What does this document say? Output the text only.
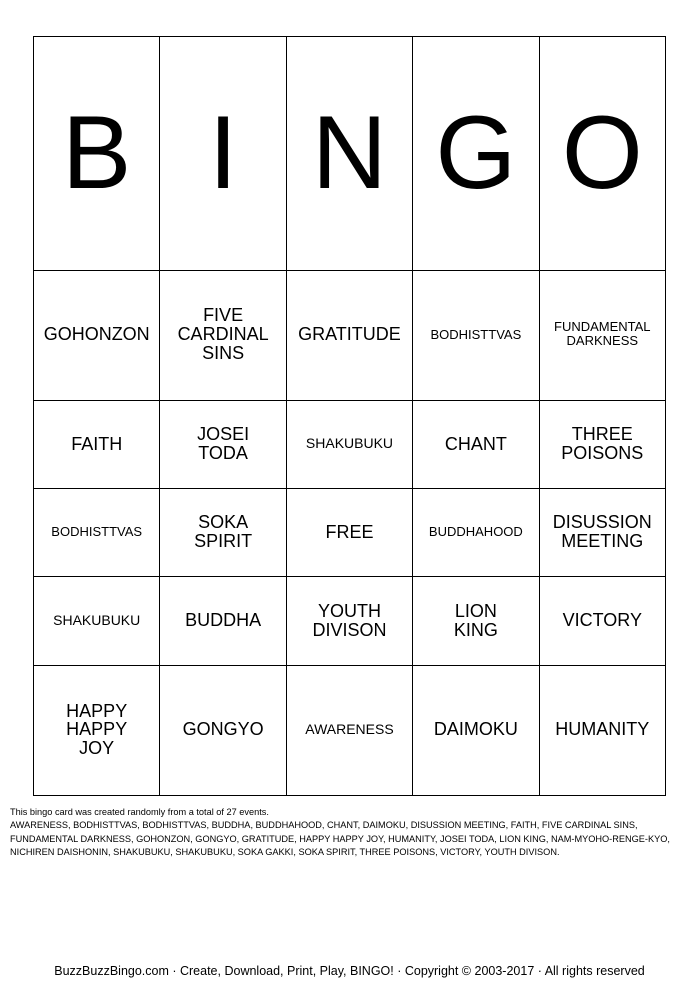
B	I	N	G	O
GOHONZON	FIVE CARDINAL SINS	GRATITUDE	BODHISTTVAS	FUNDAMENTAL DARKNESS
FAITH	JOSEI TODA	SHAKUBUKU	CHANT	THREE POISONS
BODHISTTVAS	SOKA SPIRIT	FREE	BUDDHAHOOD	DISUSSION MEETING
SHAKUBUKU	BUDDHA	YOUTH DIVISON	LION KING	VICTORY
HAPPY HAPPY JOY	GONGYO	AWARENESS	DAIMOKU	HUMANITY
This bingo card was created randomly from a total of 27 events.
AWARENESS, BODHISTTVAS, BODHISTTVAS, BUDDHA, BUDDHAHOOD, CHANT, DAIMOKU, DISUSSION MEETING, FAITH, FIVE CARDINAL SINS, FUNDAMENTAL DARKNESS, GOHONZON, GONGYO, GRATITUDE, HAPPY HAPPY JOY, HUMANITY, JOSEI TODA, LION KING, NAM-MYOHO-RENGE-KYO, NICHIREN DAISHONIN, SHAKUBUKU, SHAKUBUKU, SOKA GAKKI, SOKA SPIRIT, THREE POISONS, VICTORY, YOUTH DIVISON.
BuzzBuzzBingo.com · Create, Download, Print, Play, BINGO! · Copyright © 2003-2017 · All rights reserved
